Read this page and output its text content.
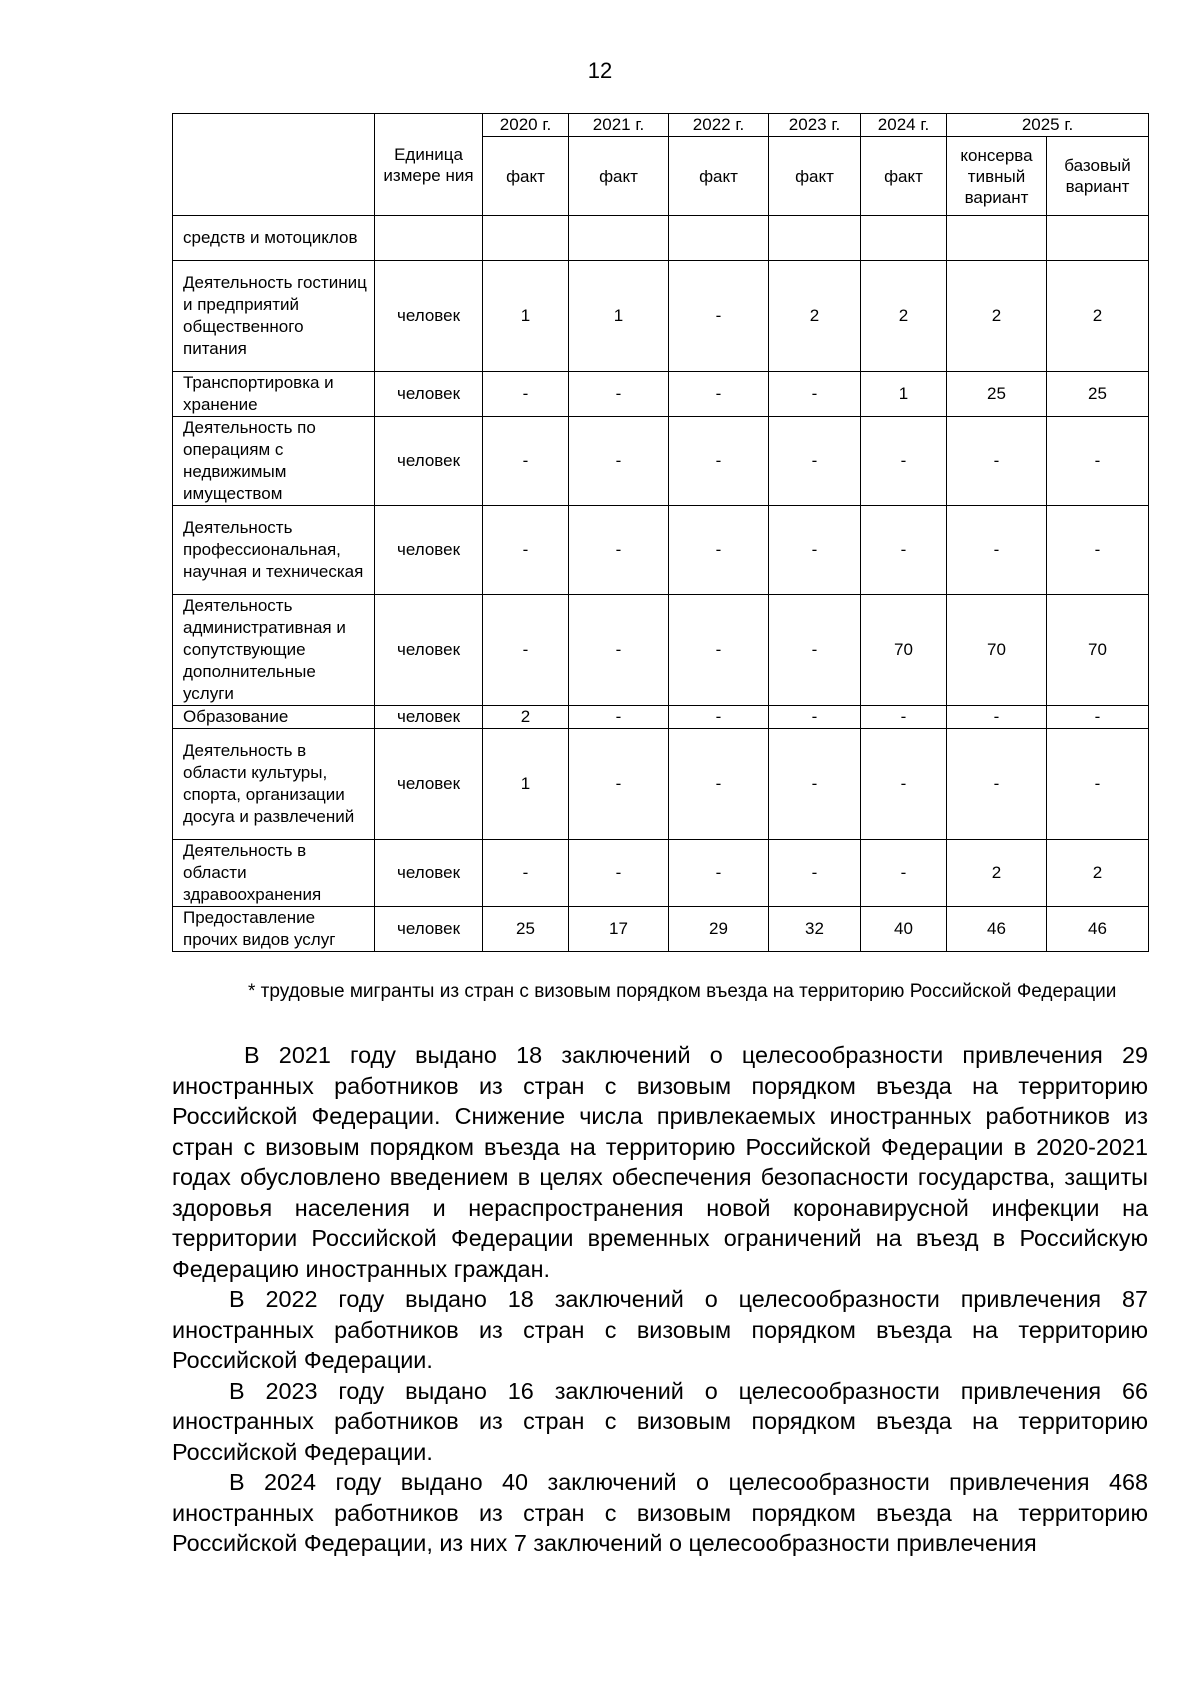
12
	Единица измере ния	2020 г.	2021 г.	2022 г.	2023 г.	2024 г.	2025 г.	
		факт	факт	факт	факт	факт	консерва тивный вариант	базовый вариант
средств и мотоциклов								
Деятельность гостиниц и предприятий общественного питания	человек	1	1	-	2	2	2	2
Транспортировка и хранение	человек	-	-	-	-	1	25	25
Деятельность по операциям с недвижимым имуществом	человек	-	-	-	-	-	-	-
Деятельность профессиональная, научная и техническая	человек	-	-	-	-	-	-	-
Деятельность административная и сопутствующие дополнительные услуги	человек	-	-	-	-	70	70	70
Образование	человек	2	-	-	-	-	-	-
Деятельность в области культуры, спорта, организации досуга и развлечений	человек	1	-	-	-	-	-	-
Деятельность в области здравоохранения	человек	-	-	-	-	-	2	2
Предоставление прочих видов услуг	человек	25	17	29	32	40	46	46
* трудовые мигранты из стран с визовым порядком въезда на территорию Российской Федерации

В 2021 году выдано 18 заключений о целесообразности привлечения 29 иностранных работников из стран с визовым порядком въезда на территорию Российской Федерации. Снижение числа привлекаемых иностранных работников из стран с визовым порядком въезда на территорию Российской Федерации в 2020-2021 годах обусловлено введением в целях обеспечения безопасности государства, защиты здоровья населения и нераспространения новой коронавирусной инфекции на территории Российской Федерации временных ограничений на въезд в Российскую Федерацию иностранных граждан.

В 2022 году выдано 18 заключений о целесообразности привлечения 87 иностранных работников из стран с визовым порядком въезда на территорию Российской Федерации.

В 2023 году выдано 16 заключений о целесообразности привлечения 66 иностранных работников из стран с визовым порядком въезда на территорию Российской Федерации.

В 2024 году выдано 40 заключений о целесообразности привлечения 468 иностранных работников из стран с визовым порядком въезда на территорию Российской Федерации, из них 7 заключений о целесообразности привлечения
